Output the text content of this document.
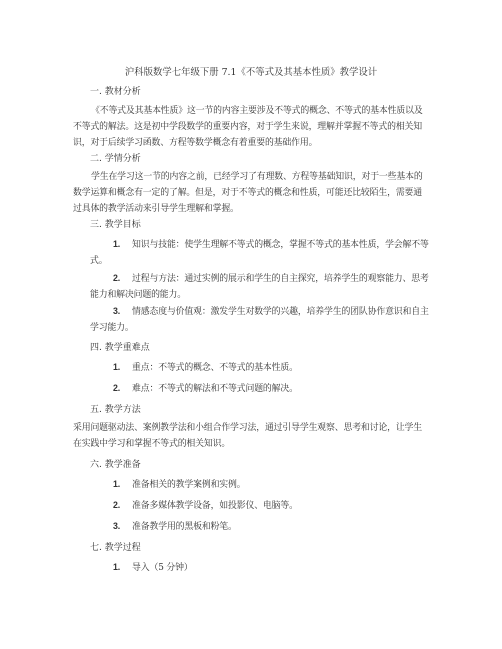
沪科版数学七年级下册 7.1《不等式及其基本性质》教学设计
一. 教材分析
《不等式及其基本性质》这一节的内容主要涉及不等式的概念、不等式的基本性质以及不等式的解法。这是初中学段数学的重要内容，对于学生来说，理解并掌握不等式的相关知识，对于后续学习函数、方程等数学概念有着重要的基础作用。
二. 学情分析
学生在学习这一节的内容之前，已经学习了有理数、方程等基础知识，对于一些基本的数学运算和概念有一定的了解。但是，对于不等式的概念和性质，可能还比较陌生，需要通过具体的教学活动来引导学生理解和掌握。
三. 教学目标
1. 知识与技能：使学生理解不等式的概念，掌握不等式的基本性质，学会解不等式。
2. 过程与方法：通过实例的展示和学生的自主探究，培养学生的观察能力、思考能力和解决问题的能力。
3. 情感态度与价值观：激发学生对数学的兴趣，培养学生的团队协作意识和自主学习能力。
四. 教学重难点
1. 重点：不等式的概念、不等式的基本性质。
2. 难点：不等式的解法和不等式问题的解决。
五. 教学方法
采用问题驱动法、案例教学法和小组合作学习法，通过引导学生观察、思考和讨论，让学生在实践中学习和掌握不等式的相关知识。
六. 教学准备
1. 准备相关的教学案例和实例。
2. 准备多媒体教学设备，如投影仪、电脑等。
3. 准备教学用的黑板和粉笔。
七. 教学过程
1. 导入（5 分钟）
